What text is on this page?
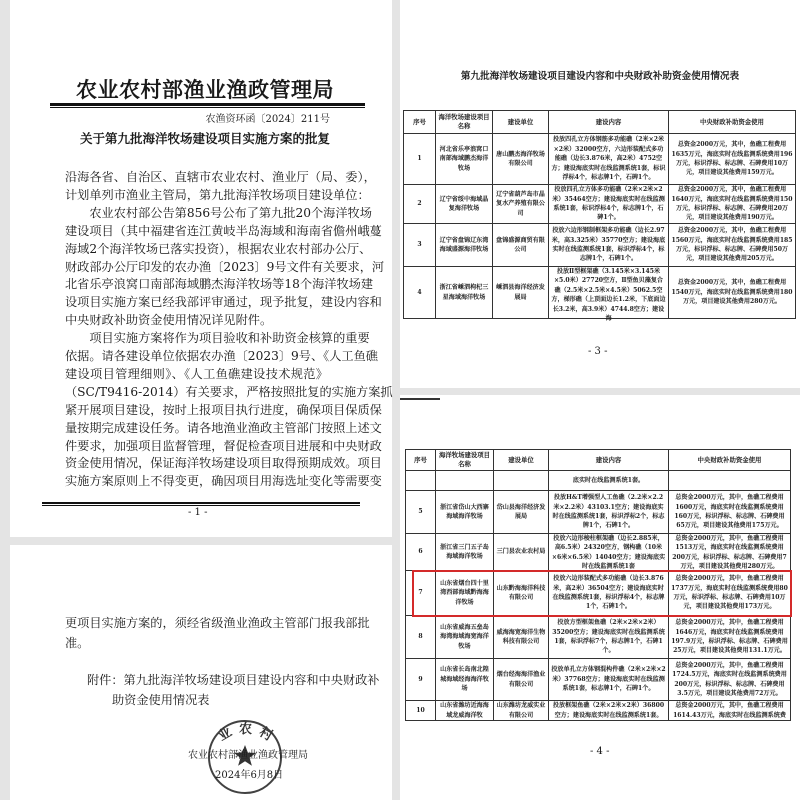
农业农村部渔业渔政管理局
农渔资环函〔2024〕211号
关于第九批海洋牧场建设项目实施方案的批复
沿海各省、自治区、直辖市农业农村、渔业厅（局、委），
计划单列市渔业主管局，第九批海洋牧场项目建设单位：
　　农业农村部公告第856号公布了第九批20个海洋牧场
建设项目（其中福建省连江黄岐半岛海域和海南省儋州峨蔓
海域2个海洋牧场已落实投资），根据农业农村部办公厅、
财政部办公厅印发的农办渔〔2023〕9号文件有关要求，河
北省乐亭浪窝口南部海域鹏杰海洋牧场等18个海洋牧场建
设项目实施方案已经我部评审通过，现予批复，建设内容和
中央财政补助资金使用情况详见附件。
　　项目实施方案将作为项目验收和补助资金核算的重要
依据。请各建设单位依据农办渔〔2023〕9号、《人工鱼礁
建设项目管理细则》、《人工鱼礁建设技术规范》
（SC/T9416-2014）有关要求，严格按照批复的实施方案抓
紧开展项目建设，按时上报项目执行进度，确保项目保质保
量按期完成建设任务。请各地渔业渔政主管部门按照上述文
件要求，加强项目监督管理，督促检查项目进展和中央财政
资金使用情况，保证海洋牧场建设项目取得预期成效。项目
实施方案原则上不得变更，确因项目用海选址变化等需要变
- 1 -
更项目实施方案的，须经省级渔业渔政主管部门报我部批
准。
附件：第九批海洋牧场建设项目建设内容和中央财政补
助资金使用情况表
业 农 村
农业农村部渔业渔政管理局
2024年6月8日
第九批海洋牧场建设项目建设内容和中央财政补助资金使用情况表
序号	海洋牧场建设项目名称	建设单位	建设内容	中央财政补助资金使用

1	河北省乐亭浪窝口南部海域鹏杰海洋牧场	唐山鹏杰海洋牧场有限公司	投放四孔立方体钢筋多功能礁（2米×2米×2米）32000空方，六边形装配式多功能礁（边长3.876米，高2米）4752空方；建设海底实时在线监测系统1套，标识浮标4个，标志牌1个，石碑1个。	总资金2000万元，其中，鱼礁工程费用1635万元，海底实时在线监测系统费用196万元，标识浮标、标志牌、石碑费用10万元，项目建设其他费用159万元。

2	辽宁省绥中海域晶复海洋牧场	辽宁省葫芦岛市晶复水产养殖有限公司	投放四孔立方体多功能礁（2米×2米×2米）35464空方；建设海底实时在线监测系统1套，标识浮标4个，标志牌1个，石碑1个。	总资金2000万元，其中，鱼礁工程费用1640万元，海底实时在线监测系统费用150万元，标识浮标、标志牌、石碑费用20万元，项目建设其他费用190万元。

3	辽宁省盘锦辽东湾海域盛源海洋牧场	盘锦盛源商贸有限公司	投放六边形钢制框架多功能礁（边长2.97米，高3.325米）35770空方；建设海底实时在线监测系统1套，标识浮标4个，标志牌1个，石碑1个。	总资金2000万元，其中，鱼礁工程费用1560万元，海底实时在线监测系统费用185万元，标识浮标、标志牌、石碑费用50万元，项目建设其他费用205万元。

4	浙江省嵊泗枸杞三星海域海洋牧场	嵊泗县海洋经济发展局	投放Ⅱ型框架礁（3.145米×3.145米×5.0米）27720空方，Ⅱ型鱼贝藻复合礁（2.5米×2.5米×4.5米）5062.5空方，梯形礁（上顶面边长1.2米，下底面边长3.2米，高3.9米）4744.8空方；建设海	总资金2000万元，其中，鱼礁工程费用1540万元，海底实时在线监测系统费用180万元，项目建设其他费用280万元。
- 3 -
序号	海洋牧场建设项目名称	建设单位	建设内容	中央财政补助资金使用

			底实时在线监测系统1套。	

5	浙江省岱山大西寨海域海洋牧场	岱山县海洋经济发展局	投放H&T增强型人工鱼礁（2.2米×2.2米×2.2米）43103.1空方；建设海底实时在线监测系统1套，标识浮标2个，标志牌1个，石碑1个。	总资金2000万元，其中，鱼礁工程费用1600万元，海底实时在线监测系统费用160万元，标识浮标、标志牌、石碑费用65万元，项目建设其他费用175万元。

6	浙江省三门五子岛海域海洋牧场	三门县农业农村局	投放六边形梭柱框架礁（边长2.885米，高6.5米）24320空方，钢构礁（10米×6米×6.5米）14040空方；建设海底实时在线监测系统1套	总资金2000万元，其中，鱼礁工程费用1513万元，海底实时在线监测系统费用200万元，标识浮标、标志牌、石碑费用7万元，项目建设其他费用280万元。

7	山东省烟台四十里湾西部海域黔海海洋牧场	山东黔海海洋科技有限公司	投放六边形装配式多功能礁（边长3.876米，高2米）36504空方；建设海底实时在线监测系统1套，标识浮标4个，标志牌1个，石碑1个。	总资金2000万元，其中，鱼礁工程费用1737万元，海底实时在线监测系统费用80万元，标识浮标、标志牌、石碑费用10万元，项目建设其他费用173万元。

8	山东省威海五垒岛海湾海域海宽海洋牧场	威海海宽海洋生物科技有限公司	投放方型框架鱼礁（2米×2米×2米）35200空方；建设海底实时在线监测系统1套，标识浮标7个，标志牌1个，石碑1个。	总资金2000万元，其中，鱼礁工程费用1646万元，海底实时在线监测系统费用197.9万元，标识浮标、标志牌、石碑费用25万元，项目建设其他费用131.1万元。

9	山东省长岛南北隍城海域经海海洋牧场	烟台经海海洋渔业有限公司	投放单孔立方体钢混构件礁（2米×2米×2米）37768空方；建设海底实时在线监测系统1套，标志牌1个，石碑1个。	总资金2000万元，其中，鱼礁工程费用1724.5万元，海底实时在线监测系统费用200万元，标识浮标、标志牌、石碑费用3.5万元，项目建设其他费用72万元。

10	山东省潍坊近海海域龙威海洋牧	山东潍坊龙威实业有限公司	投放框架鱼礁（2米×2米×2米）36800空方；建设海底实时在线监测系统1套。	总资金2000万元，其中，鱼礁工程费用1614.43万元，海底实时在线监测系统费
- 4 -
